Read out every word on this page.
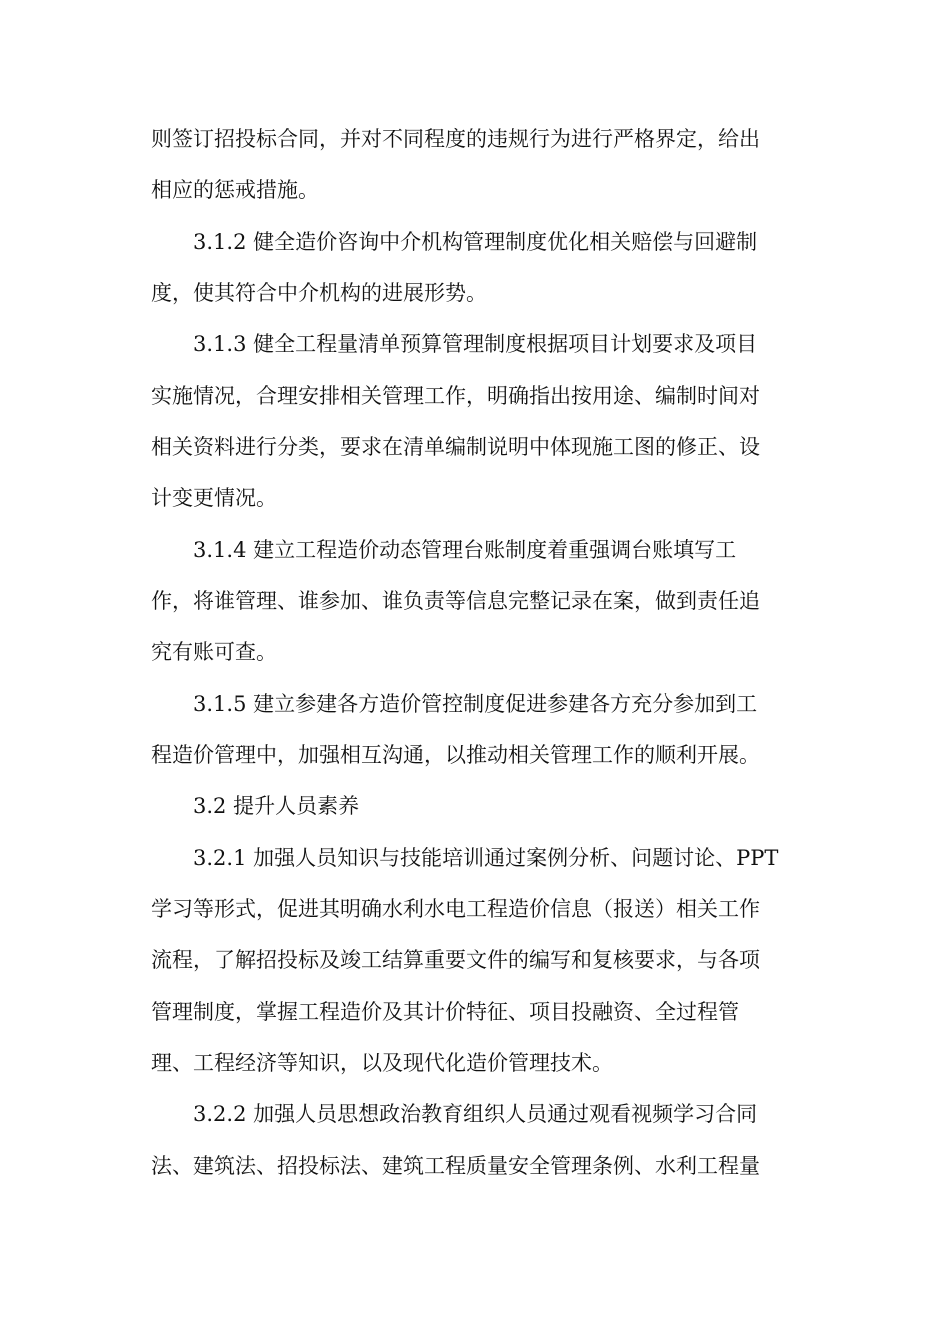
则签订招投标合同，并对不同程度的违规行为进行严格界定，给出
相应的惩戒措施。
3.1.2 健全造价咨询中介机构管理制度优化相关赔偿与回避制
度，使其符合中介机构的进展形势。
3.1.3 健全工程量清单预算管理制度根据项目计划要求及项目
实施情况，合理安排相关管理工作，明确指出按用途、编制时间对
相关资料进行分类，要求在清单编制说明中体现施工图的修正、设
计变更情况。
3.1.4 建立工程造价动态管理台账制度着重强调台账填写工
作，将谁管理、谁参加、谁负责等信息完整记录在案，做到责任追
究有账可查。
3.1.5 建立参建各方造价管控制度促进参建各方充分参加到工
程造价管理中，加强相互沟通，以推动相关管理工作的顺利开展。
3.2 提升人员素养
3.2.1 加强人员知识与技能培训通过案例分析、问题讨论、PPT
学习等形式，促进其明确水利水电工程造价信息（报送）相关工作
流程，了解招投标及竣工结算重要文件的编写和复核要求，与各项
管理制度，掌握工程造价及其计价特征、项目投融资、全过程管
理、工程经济等知识，以及现代化造价管理技术。
3.2.2 加强人员思想政治教育组织人员通过观看视频学习合同
法、建筑法、招投标法、建筑工程质量安全管理条例、水利工程量
